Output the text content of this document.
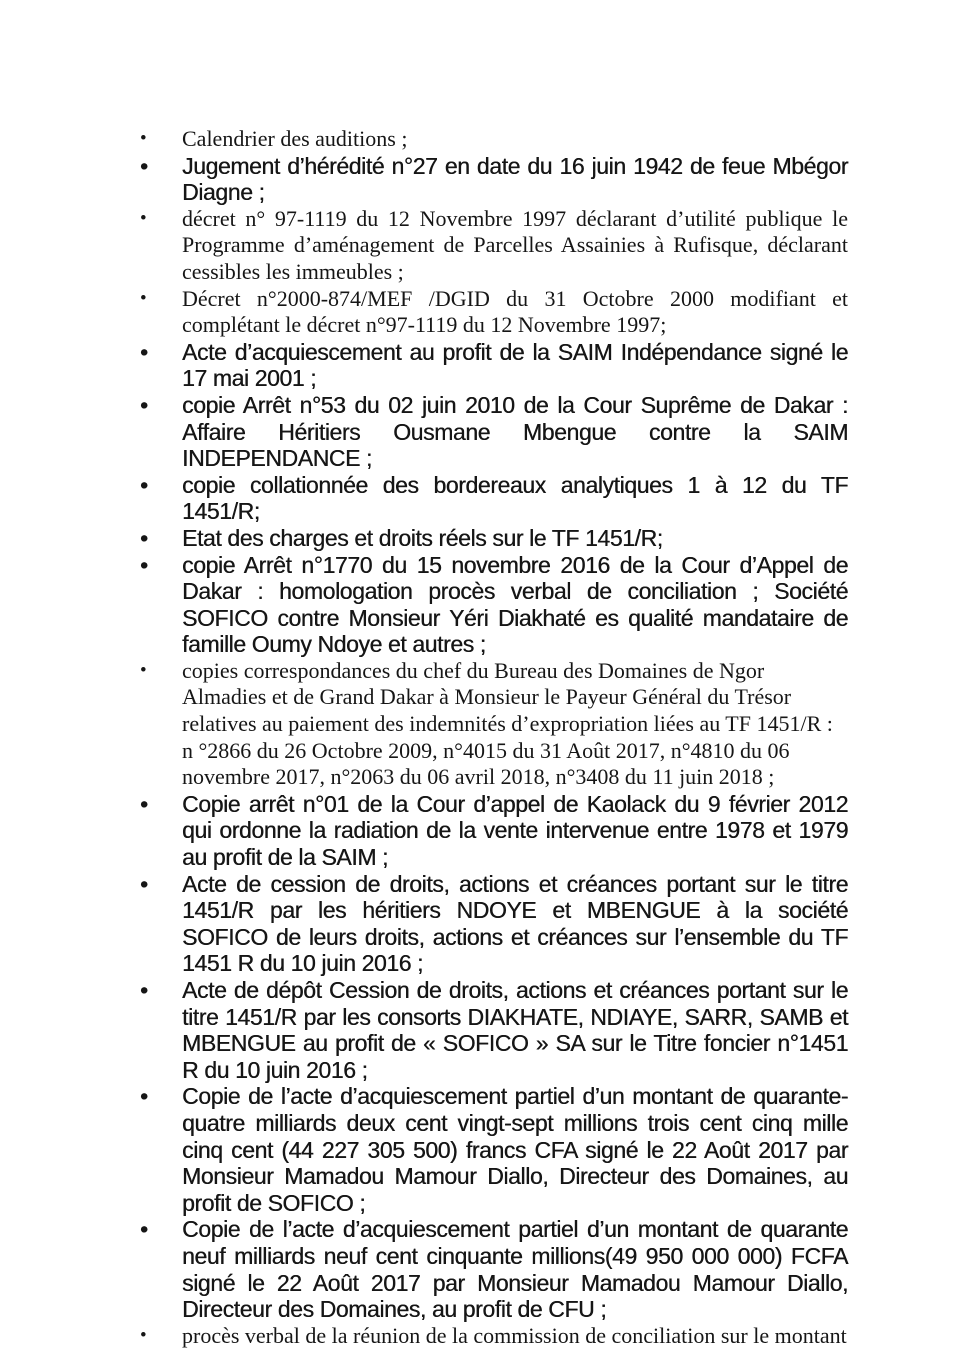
•	Calendrier des auditions ;
•	Jugement d’hérédité n°27 en date du 16 juin 1942 de feue Mbégor Diagne ;
•	décret n° 97-1119 du 12 Novembre 1997 déclarant d’utilité publique le Programme d’aménagement de Parcelles Assainies à Rufisque, déclarant cessibles les immeubles ;
•	Décret n°2000-874/MEF /DGID du 31 Octobre 2000 modifiant et complétant le décret n°97-1119 du 12 Novembre 1997;
•	Acte d’acquiescement au profit de la SAIM Indépendance signé le 17 mai 2001 ;
•	copie Arrêt n°53 du 02 juin 2010 de la Cour Suprême de Dakar : Affaire Héritiers Ousmane Mbengue contre la SAIM INDEPENDANCE ;
•	copie collationnée des bordereaux analytiques 1 à 12 du TF 1451/R;
•	Etat des charges et droits réels sur le TF 1451/R;
•	copie Arrêt n°1770 du 15 novembre 2016 de la Cour d’Appel de Dakar : homologation procès verbal de conciliation ; Société SOFICO contre Monsieur Yéri Diakhaté es qualité mandataire de famille Oumy Ndoye et autres ;
•	copies correspondances du chef du Bureau des Domaines de Ngor Almadies et de Grand Dakar à Monsieur le Payeur Général du Trésor relatives au paiement des indemnités d’expropriation liées au TF 1451/R : n °2866 du 26 Octobre 2009, n°4015 du 31 Août 2017, n°4810 du 06 novembre 2017, n°2063 du 06 avril 2018, n°3408 du 11 juin 2018 ;
•	Copie arrêt n°01 de la Cour d’appel de Kaolack du 9 février 2012 qui ordonne la radiation de la vente intervenue entre 1978 et 1979 au profit de la SAIM ;
•	Acte de cession de droits, actions et créances portant sur le titre 1451/R par les héritiers NDOYE et MBENGUE à la société SOFICO de leurs droits, actions et créances sur l’ensemble du TF 1451 R du 10 juin 2016 ;
•	Acte de dépôt Cession de droits, actions et créances portant sur le titre 1451/R par les consorts DIAKHATE, NDIAYE, SARR, SAMB et MBENGUE au profit de « SOFICO » SA sur le Titre foncier n°1451 R du 10 juin 2016 ;
•	Copie de l’acte d’acquiescement partiel d’un montant de quarante-quatre milliards deux cent vingt-sept millions trois cent cinq mille cinq cent (44 227 305 500) francs CFA signé le 22 Août 2017 par Monsieur Mamadou Mamour Diallo, Directeur des Domaines, au profit de SOFICO ;
•	Copie de l’acte d’acquiescement partiel d’un montant de quarante neuf milliards neuf cent cinquante millions(49 950 000 000) FCFA signé le 22 Août 2017 par Monsieur Mamadou Mamour Diallo, Directeur des Domaines, au profit de CFU ;
•	procès verbal de la réunion de la commission de conciliation sur le montant
